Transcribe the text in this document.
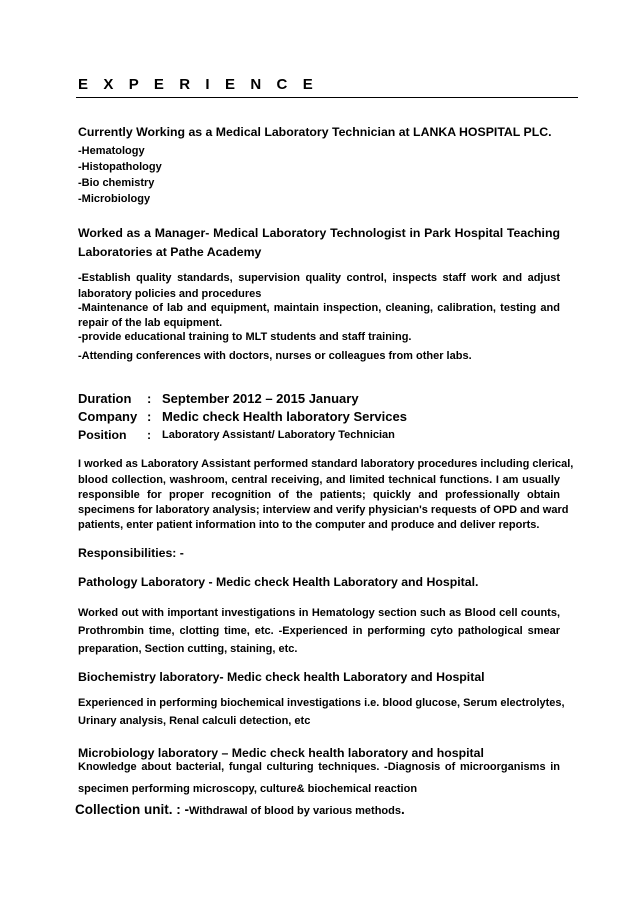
E X P E R I E N C E
Currently Working as a Medical Laboratory Technician at LANKA HOSPITAL PLC.
-Hematology
-Histopathology
-Bio chemistry
-Microbiology
Worked as a Manager- Medical Laboratory Technologist in Park Hospital Teaching
Laboratories at Pathe Academy
-Establish quality standards, supervision quality control, inspects staff work and adjust
laboratory policies and procedures
-Maintenance of lab and equipment, maintain inspection, cleaning, calibration, testing and
repair of the lab equipment.
-provide educational training to MLT students and staff training.
-Attending conferences with doctors, nurses or colleagues from other labs.
Duration : September 2012 – 2015 January
Company : Medic check Health laboratory Services
Position : Laboratory Assistant/ Laboratory Technician
I worked as Laboratory Assistant performed standard laboratory procedures including clerical,
blood collection, washroom, central receiving, and limited technical functions. I am usually
responsible for proper recognition of the patients; quickly and professionally obtain
specimens for laboratory analysis; interview and verify physician's requests of OPD and ward
patients, enter patient information into to the computer and produce and deliver reports.
Responsibilities: -
Pathology Laboratory - Medic check Health Laboratory and Hospital.
Worked out with important investigations in Hematology section such as Blood cell counts,
Prothrombin time, clotting time, etc. -Experienced in performing cyto pathological smear
preparation, Section cutting, staining, etc.
Biochemistry laboratory- Medic check health Laboratory and Hospital
Experienced in performing biochemical investigations i.e. blood glucose, Serum electrolytes,
Urinary analysis, Renal calculi detection, etc
Microbiology laboratory – Medic check health laboratory and hospital
Knowledge about bacterial, fungal culturing techniques. -Diagnosis of microorganisms in
specimen performing microscopy, culture& biochemical reaction
Collection unit. : -Withdrawal of blood by various methods.
